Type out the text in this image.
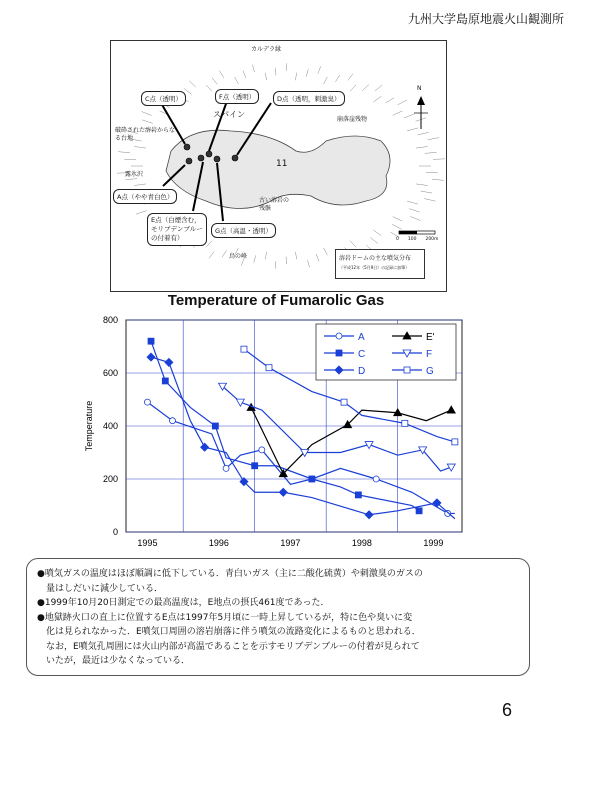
九州大学島原地震火山観測所
カルデラ縁
スパイン
崩落崖残物
破砕された溶岩からなる台地
露氷沢
古い溶岩の残骸
鳥の峰
11
N
0　　100　　200m
C点（透明）	F点（透明）	D点（透明，刺激臭）
A点（やや青白色）
E点（白煙含む，モリブデンブルーの付着有）
G点（高温・透明）
溶岩ドームの主な噴気分布
（平成12年（5月9日）の記録に加筆）
Temperature of Fumarolic Gas
0
200
400
600
800
1995	1996	1997	1998	1999
Temperature
A
C
D
E'
F
G

●噴気ガスの温度はほぼ順調に低下している．青白いガス（主に二酸化硫黄）や刺激臭のガスの

　量はしだいに減少している．

●1999年10月20日測定での最高温度は，E地点の摂氏461度であった．

●地獄跡火口の直上に位置するE点は1997年5月頃に一時上昇しているが，特に色や臭いに変

　化は見られなかった．E噴気口周囲の溶岩崩落に伴う噴気の流路変化によるものと思われる．

　なお，E噴気孔周囲には火山内部が高温であることを示すモリブデンブルーの付着が見られて

　いたが，最近は少なくなっている．

6
